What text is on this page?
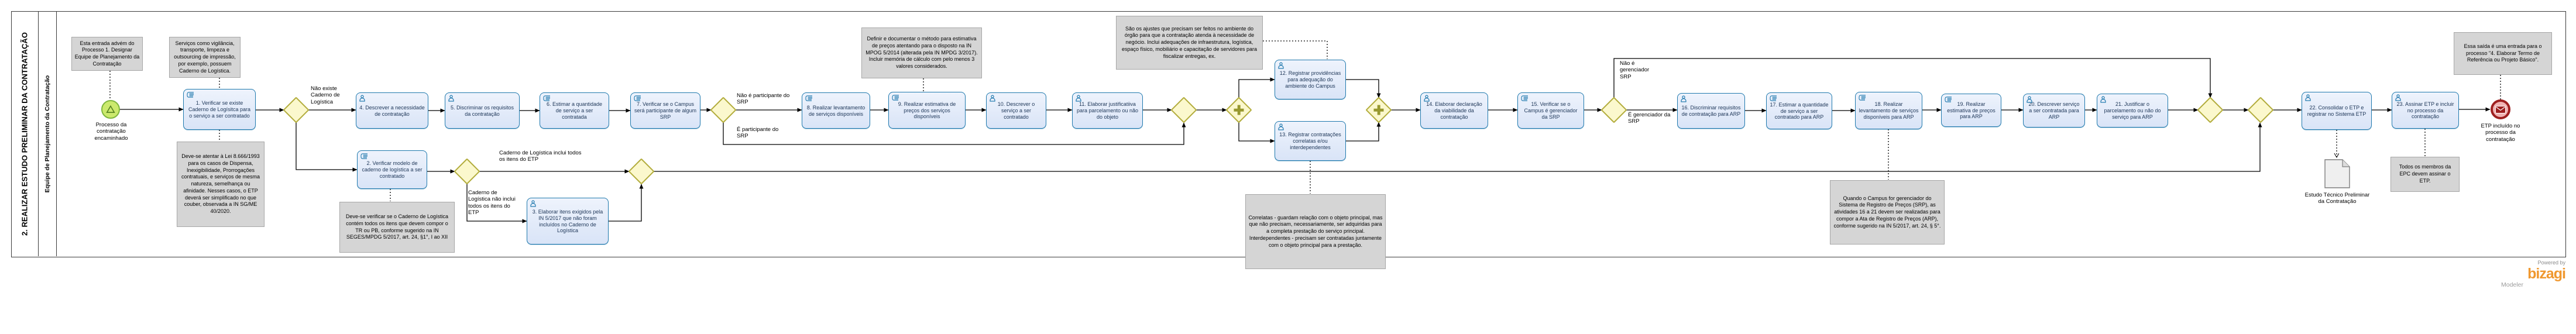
2. REALIZAR ESTUDO PRELIMINAR DA CONTRATAÇÃO Equipe de Planejamento da Contratação	1. Verificar se existe Caderno de Logísitca para o serviço a ser contratado
2. Verificar modelo de caderno de logística a ser contratado
3. Elaborar itens exigidos pela IN 5/2017 que não foram incluídos no Caderno de Logística
4. Descrever a necessidade de contratação
5. Discriminar os requisitos da contratação
6. Estimar a quantidade de serviço a ser contratada
7. Verificar se o Campus será participante de algum SRP
8. Realizar levantamento de serviços disponíveis
9. Realizar estimativa de preços dos serviços disponíveis
10. Descrever o serviço a ser contratado
11. Elaborar justificatiiva para parcelamento ou não do objeto
12. Registrar providências para adequação do ambiente do Campus
13. Registrar contratações correlatas e/ou interdependentes
14. Elaborar declaração da viabilidade da contratação
15. Verificar se o Campus é gerenciador da SRP
16. Discriminar requisitos de contratação para ARP
17. Estimar a quantidade de serviço a ser contratado para ARP
18. Realizar levantamento de serviços disponíveis para ARP
19. Realizar estimativa de preços para ARP
20. Descrever serviço a ser contratada para ARP
21. Justificar o parcelamento ou não do serviço para ARP
22. Consolidar o ETP e registrar no Sistema ETP
23. Assinar ETP e incluir no processo da contratação
Processo da contratação encaminhado
ETP incluído no processo da contratação
Esta entrada advém do Processo 1. Designar Equipe de Planejamento da Contratação
Serviços como vigilância, transporte, limpeza e outsourcing de impressão, por exemplo, possuem Caderno de Logística.
Deve-se atentar à Lei 8.666/1993 para os casos de Dispensa, Inexigibilidade, Prorrogações contratuais, e serviços de mesma natureza, semelhança ou afinidade. Nesses casos, o ETP deverá ser simplificado no que couber, observada a IN SG/ME 40/2020.
Deve-se verificar se o Caderno de Logística contém todos os itens que devem compor o TR ou PB, conforme sugerido na IN SEGES/MPDG 5/2017, art. 24, §1°, I ao XII
Definir e documentar o método para estimativa de preços atentando para o disposto na IN MPOG 5/2014 (alterada pela IN MPDG 3/2017). Incluir memória de cálculo com pelo menos 3 valores considerados.
São os ajustes que precisam ser feitos no ambiente do órgão para que a contratação atenda à necessidade de negócio. Inclui adequações de infraestrutura, logística, espaço físico, mobiliário e capacitação de servidores para fiscalizar entregas, ex.
Correlatas - guardam relação com o objeto principal, mas que não precisam, necessariamente, ser adquiridas para a completa prestação do serviço principal. Interdependentes - precisam ser contratadas juntamente com o objeto principal para a prestação.
Quando o Campus for gerenciador do Sistema de Registro de Preços (SRP), as atividades 16 a 21 devem ser realizadas para compor a Ata de Registro de Preços (ARP), conforme sugerido na IN 5/2017, art. 24, § 5°.
Essa saída é uma entrada para o processo "4. Elaborar Termo de Referência ou Projeto Básico".
Todos os membros da EPC devem assinar o ETP.
Estudo Técnico Preliminar da Contratação
Não existe Caderno de Logística
Caderno de Logística inclui todos os itens do ETP
Caderno de Logística não inclui todos os itens do ETP
Não é participante do SRP
É participante do SRP
Não é gerenciador SRP
É gerenciador da SRP
Powered by
bizagi
Modeler
